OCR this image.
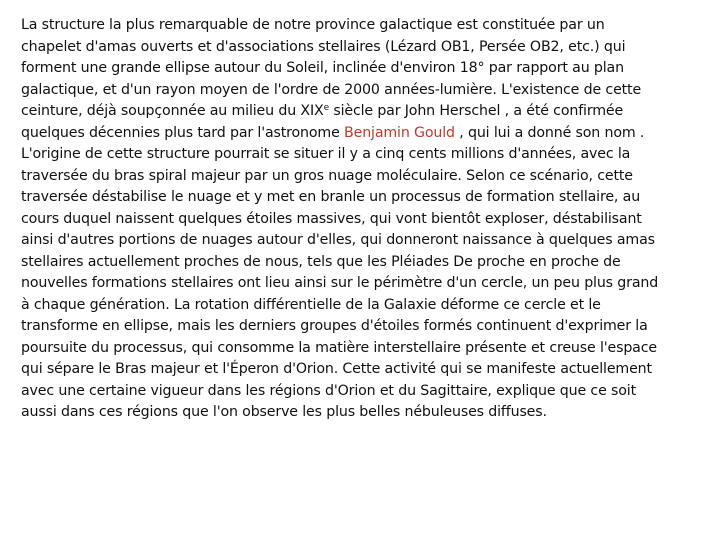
La structure la plus remarquable de notre province galactique est constituée par un
chapelet d'amas ouverts et d'associations stellaires (Lézard OB1, Persée OB2, etc.) qui
forment une grande ellipse autour du Soleil, inclinée d'environ 18° par rapport au plan
galactique, et d'un rayon moyen de l'ordre de 2000 années-lumière. L'existence de cette
ceinture, déjà soupçonnée au milieu du XIXe siècle par John Herschel , a été confirmée
quelques décennies plus tard par l'astronome Benjamin Gould , qui lui a donné son nom .
L'origine de cette structure pourrait se situer il y a cinq cents millions d'années, avec la
traversée du bras spiral majeur par un gros nuage moléculaire. Selon ce scénario, cette
traversée déstabilise le nuage et y met en branle un processus de formation stellaire, au
cours duquel naissent quelques étoiles massives, qui vont bientôt exploser, déstabilisant
ainsi d'autres portions de nuages autour d'elles, qui donneront naissance à quelques amas
stellaires actuellement proches de nous, tels que les Pléiades De proche en proche de
nouvelles formations stellaires ont lieu ainsi sur le périmètre d'un cercle, un peu plus grand
à chaque génération. La rotation différentielle de la Galaxie déforme ce cercle et le
transforme en ellipse, mais les derniers groupes d'étoiles formés continuent d'exprimer la
poursuite du processus, qui consomme la matière interstellaire présente et creuse l'espace
qui sépare le Bras majeur et l'Éperon d'Orion. Cette activité qui se manifeste actuellement
avec une certaine vigueur dans les régions d'Orion et du Sagittaire, explique que ce soit
aussi dans ces régions que l'on observe les plus belles nébuleuses diffuses.
